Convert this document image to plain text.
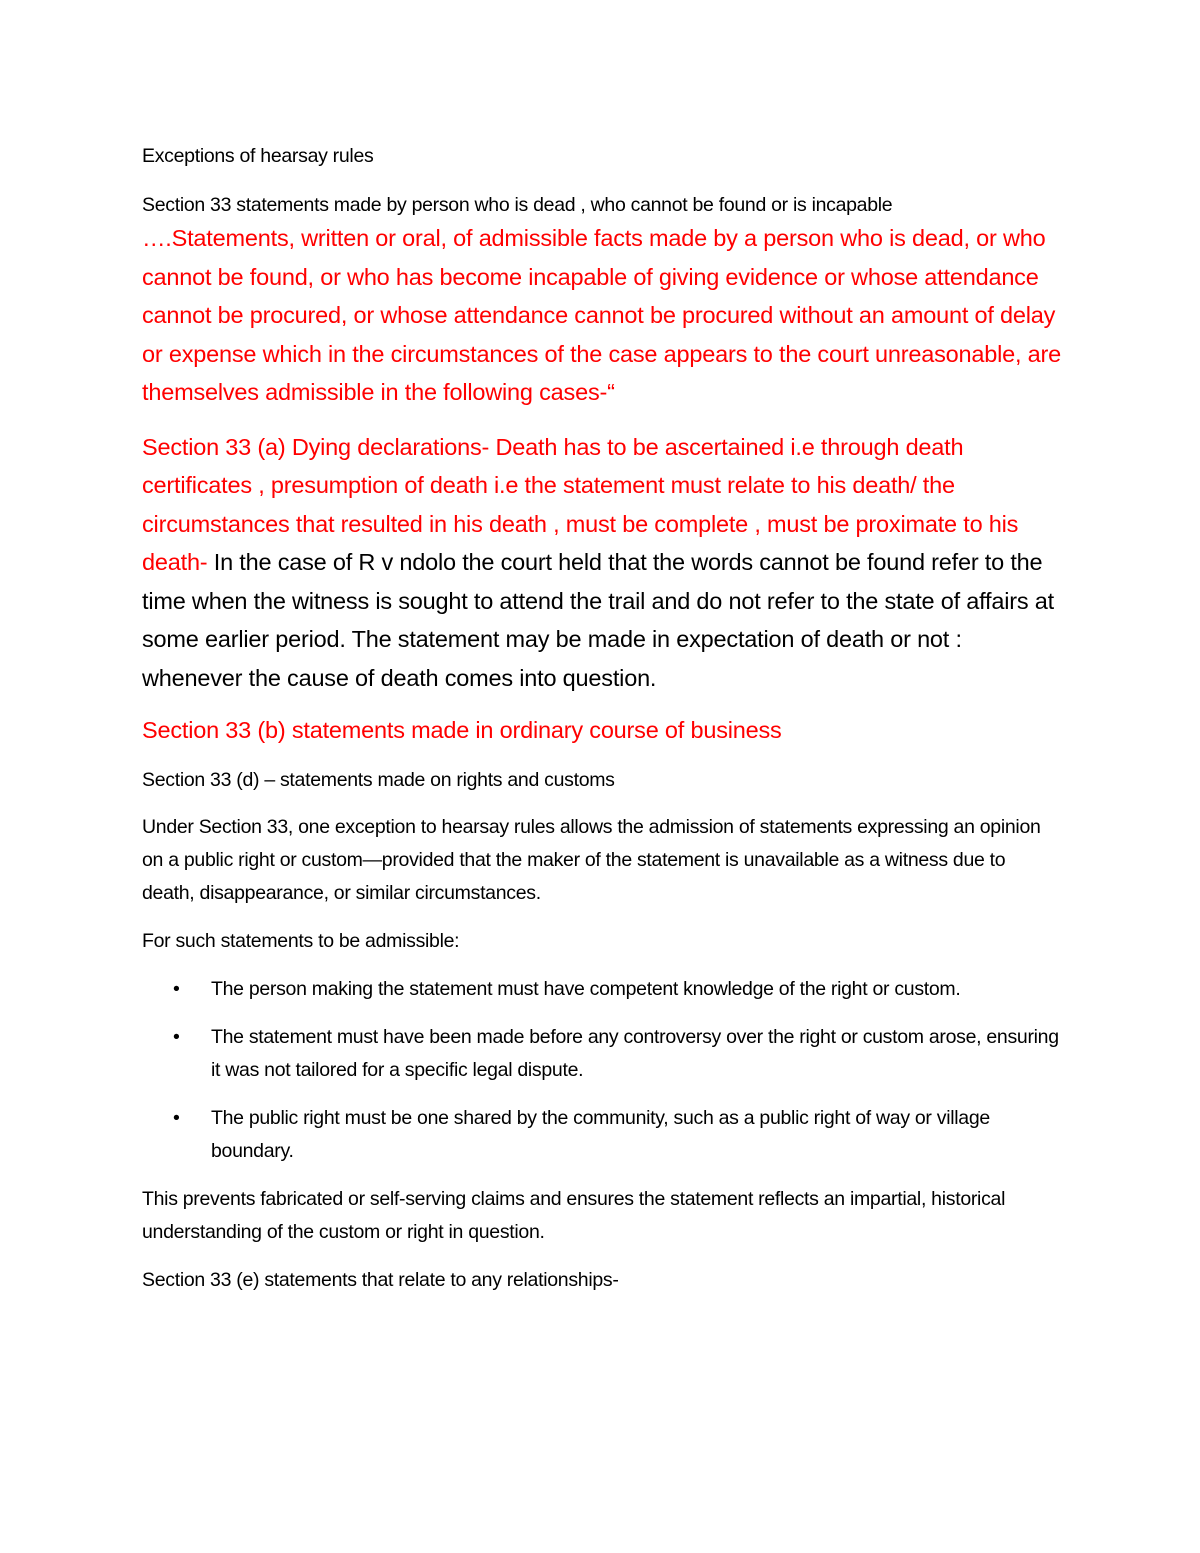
Exceptions of hearsay rules

Section 33 statements made by person who is dead , who cannot be found or is incapable

….Statements, written or oral, of admissible facts made by a person who is dead, or who cannot be found, or who has become incapable of giving evidence or whose attendance cannot be procured, or whose attendance cannot be procured without an amount of delay or expense which in the circumstances of the case appears to the court unreasonable, are themselves admissible in the following cases-“

Section 33 (a) Dying declarations- Death has to be ascertained i.e through death certificates , presumption of death i.e the statement must relate to his death/ the circumstances that resulted in his death , must be complete , must be proximate to his death- In the case of R v ndolo the court held that the words cannot be found refer to the time when the witness is sought to attend the trail and do not refer to the state of affairs at some earlier period. The statement may be made in expectation of death or not : whenever the cause of death comes into question.

Section 33 (b) statements made in ordinary course of business

Section 33 (d) – statements made on rights and customs

Under Section 33, one exception to hearsay rules allows the admission of statements expressing an opinion on a public right or custom—provided that the maker of the statement is unavailable as a witness due to death, disappearance, or similar circumstances.

For such statements to be admissible:

• The person making the statement must have competent knowledge of the right or custom.
• The statement must have been made before any controversy over the right or custom arose, ensuring it was not tailored for a specific legal dispute.
• The public right must be one shared by the community, such as a public right of way or village boundary.

This prevents fabricated or self-serving claims and ensures the statement reflects an impartial, historical understanding of the custom or right in question.

Section 33 (e) statements that relate to any relationships-
